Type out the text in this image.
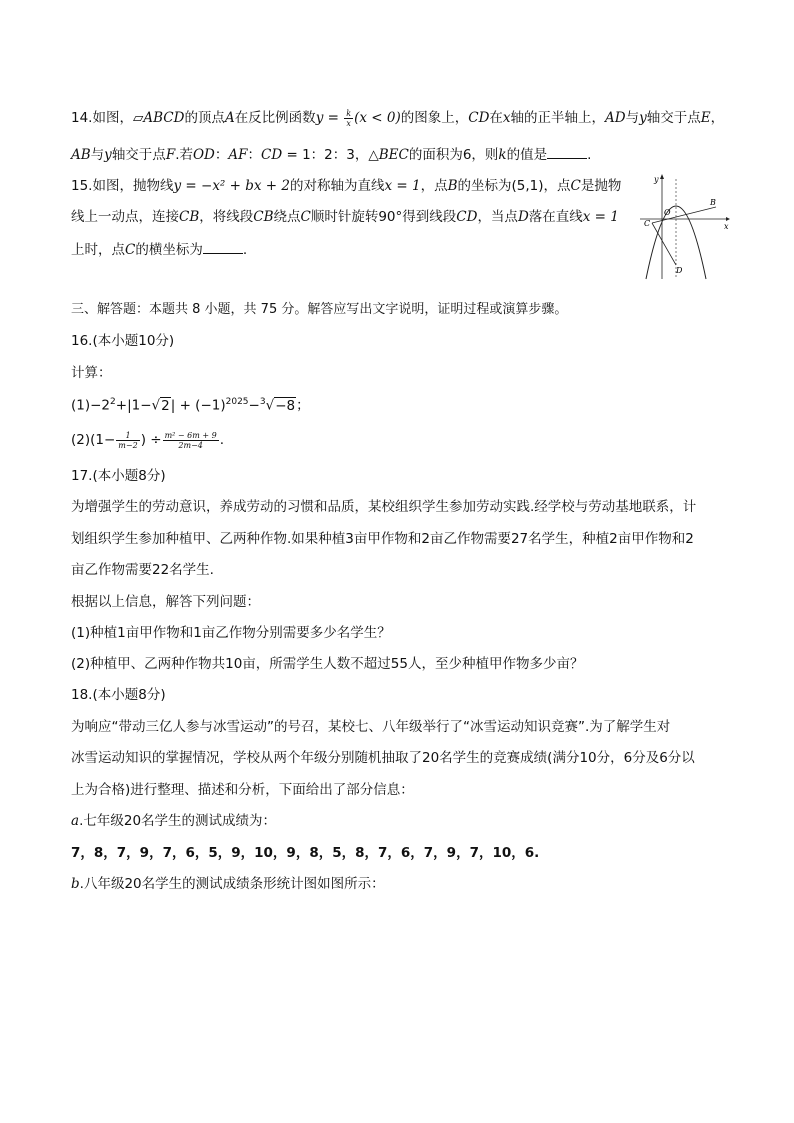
14.如图，▱ABCD的顶点A在反比例函数$y = \frac{k}{x} (x < 0)$的图象上，CD在x轴的正半轴上，AD与y轴交于点E，
AB与y轴交于点F.若OD：AF：CD = 1：2：3，△BEC的面积为6，则k的值是	.
15.如图，抛物线y = −x² + bx + 2的对称轴为直线x = 1，点B的坐标为(5,1)，点C是抛物
线上一动点，连接CB，将线段CB绕点C顺时针旋转90°得到线段CD，当点D落在直线x = 1
上时，点C的横坐标为	.
y
x
O
B
C
D
三、解答题：本题共 8 小题，共 75 分。解答应写出文字说明，证明过程或演算步骤。
16.(本小题10分)
计算：
$(1)-2^2+|1-√2| + (-1)^{2025}-^3√-8$；
$(2)(1- \frac{1}{m-2}$ ) ÷ $\frac{\text{m² − 6m + 9}}{2m-4}$ .
17.(本小题8分)
为增强学生的劳动意识，养成劳动的习惯和品质，某校组织学生参加劳动实践.经学校与劳动基地联系，计
划组织学生参加种植甲、乙两种作物.如果种植3亩甲作物和2亩乙作物需要27名学生，种植2亩甲作物和2
亩乙作物需要22名学生.
根据以上信息，解答下列问题：
(1)种植1亩甲作物和1亩乙作物分别需要多少名学生？
(2)种植甲、乙两种作物共10亩，所需学生人数不超过55人，至少种植甲作物多少亩？
18.(本小题8分)
为响应“带动三亿人参与冰雪运动”的号召，某校七、八年级举行了“冰雪运动知识竞赛”.为了解学生对
冰雪运动知识的掌握情况，学校从两个年级分别随机抽取了20名学生的竞赛成绩(满分10分，6分及6分以
上为合格)进行整理、描述和分析，下面给出了部分信息：
a.七年级20名学生的测试成绩为：
7，8，7，9，7，6，5，9，10，9，8，5，8，7，6，7，9，7，10，6.
b.八年级20名学生的测试成绩条形统计图如图所示：
